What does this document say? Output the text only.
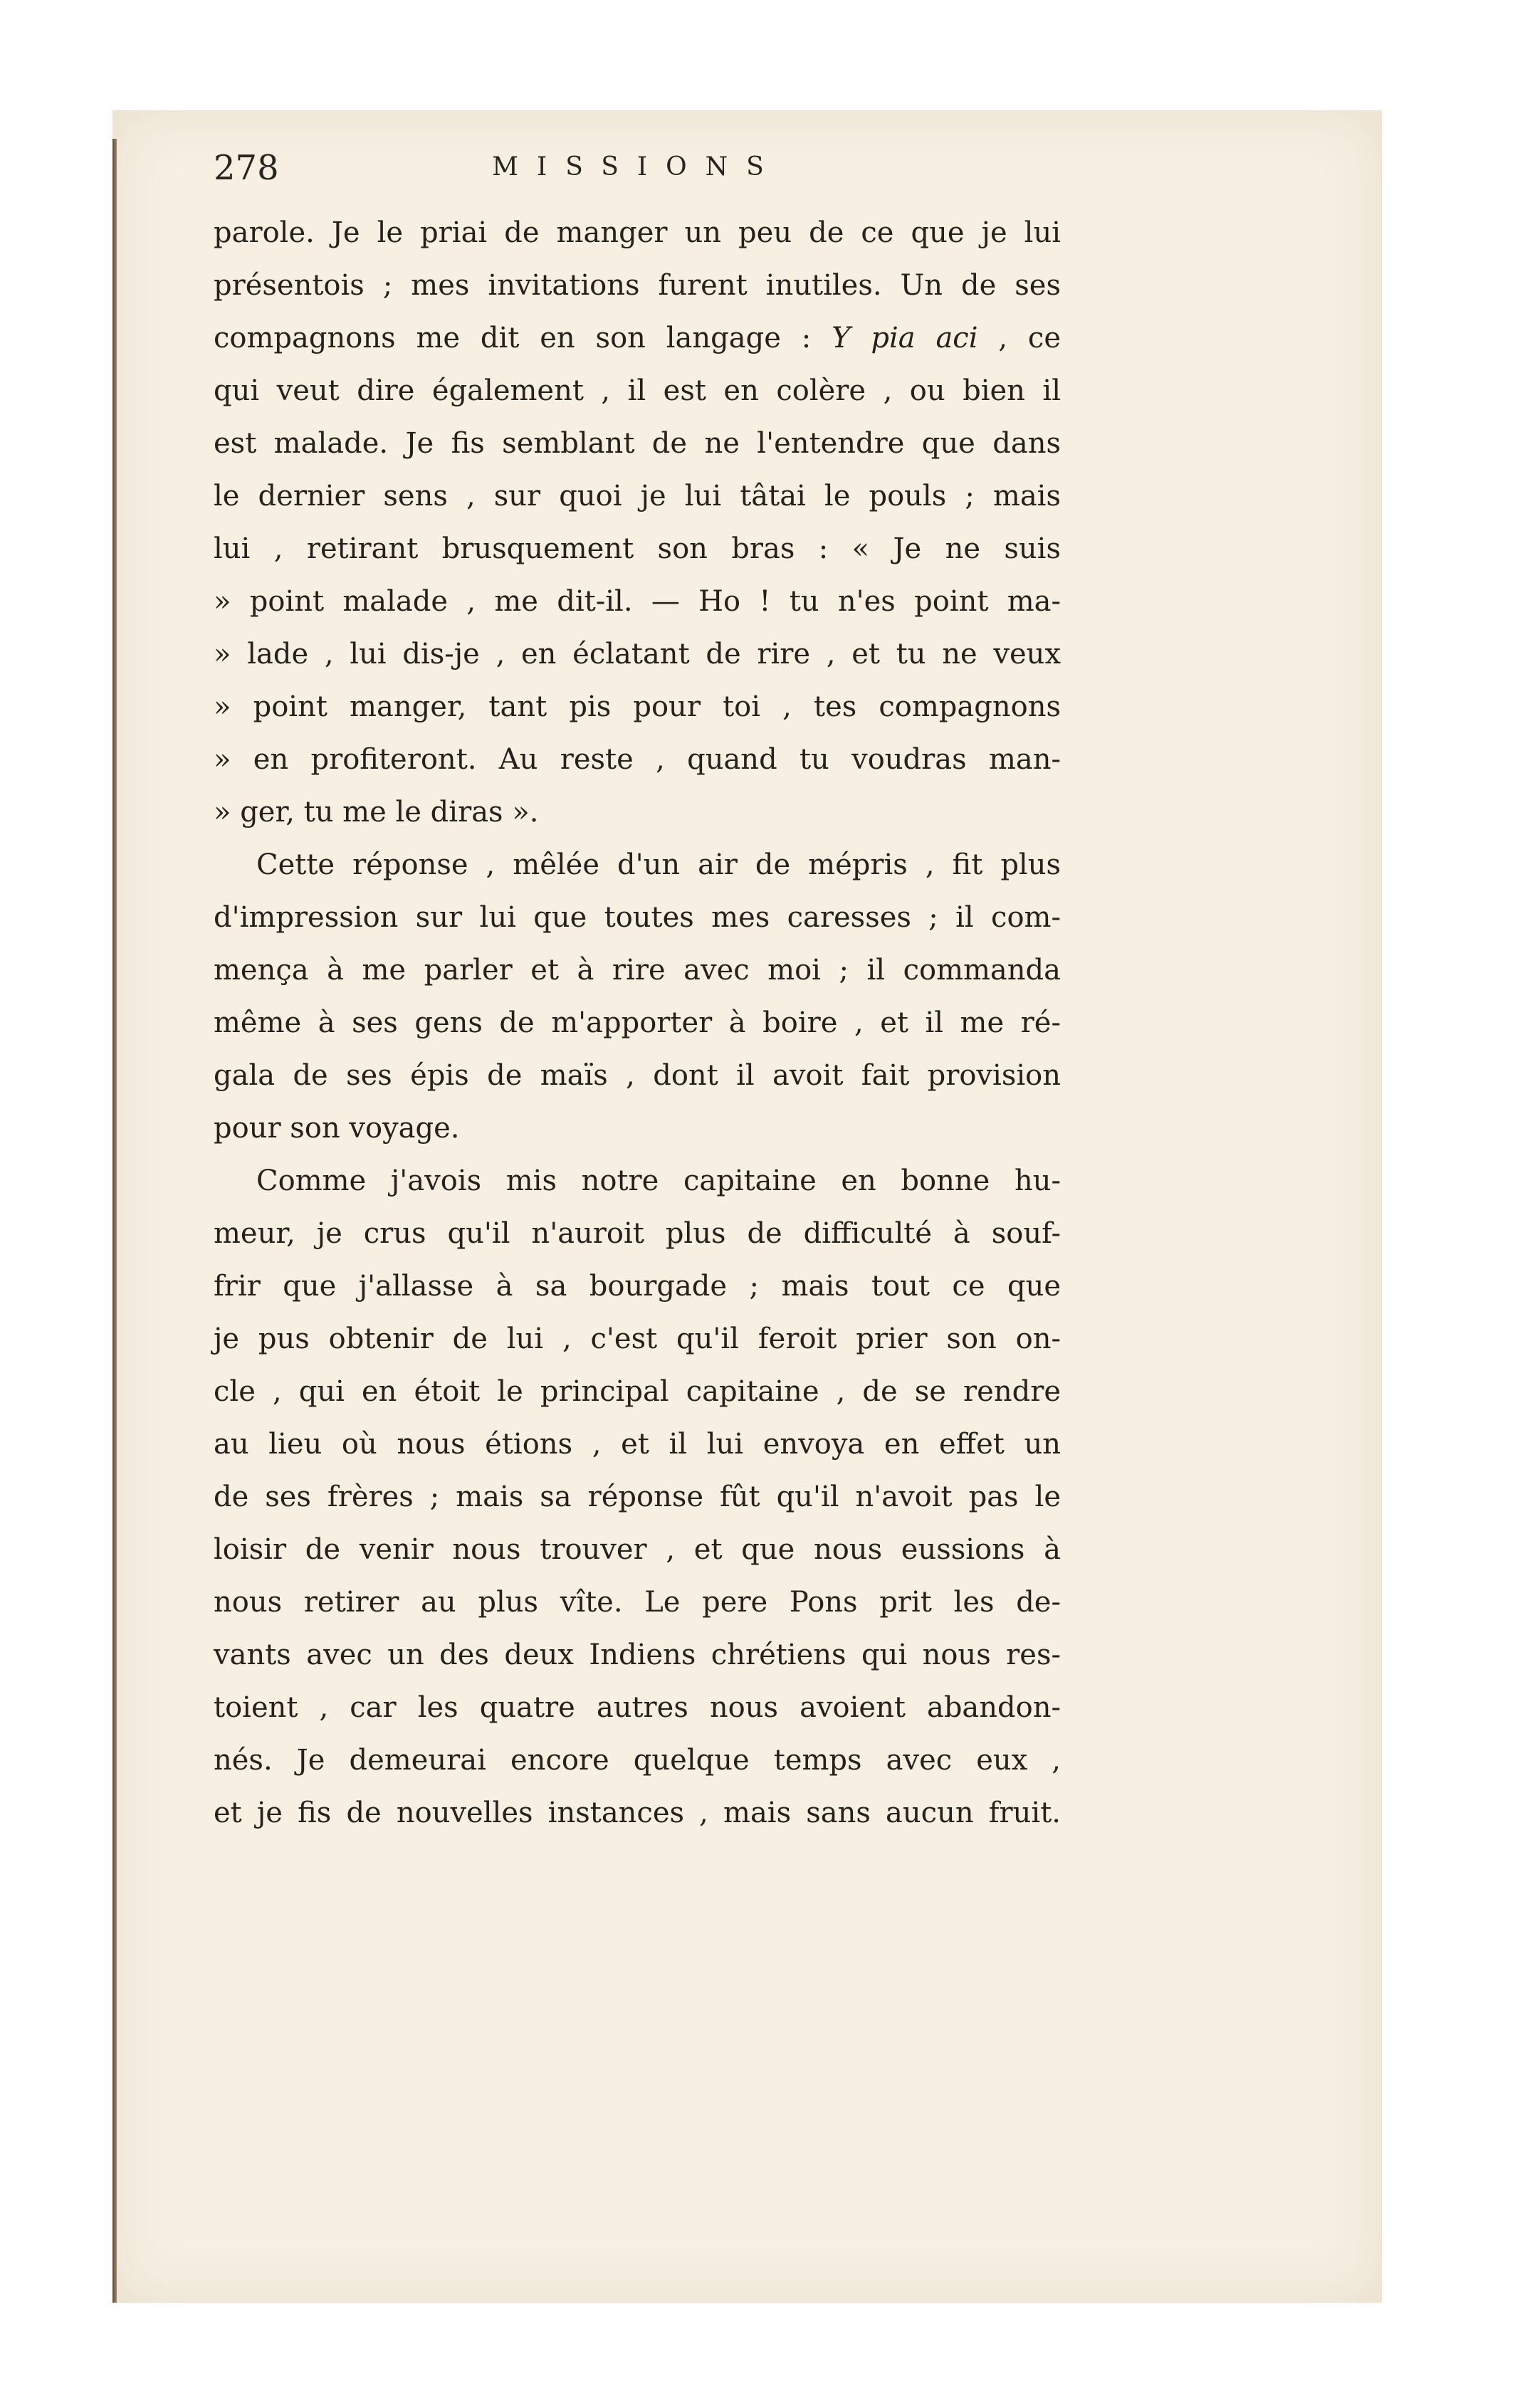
278	MISSIONS
parole. Je le priai de manger un peu de ce que je lui
présentois ; mes invitations furent inutiles. Un de ses
compagnons me dit en son langage : Y pia aci , ce
qui veut dire également , il est en colère , ou bien il
est malade. Je fis semblant de ne l'entendre que dans
le dernier sens , sur quoi je lui tâtai le pouls ; mais
lui , retirant brusquement son bras : « Je ne suis
» point malade , me dit-il. — Ho ! tu n'es point ma-
» lade , lui dis-je , en éclatant de rire , et tu ne veux
» point manger, tant pis pour toi , tes compagnons
» en profiteront. Au reste , quand tu voudras man-
» ger, tu me le diras ».
Cette réponse , mêlée d'un air de mépris , fit plus
d'impression sur lui que toutes mes caresses ; il com-
mença à me parler et à rire avec moi ; il commanda
même à ses gens de m'apporter à boire , et il me ré-
gala de ses épis de maïs , dont il avoit fait provision
pour son voyage.
Comme j'avois mis notre capitaine en bonne hu-
meur, je crus qu'il n'auroit plus de difficulté à souf-
frir que j'allasse à sa bourgade ; mais tout ce que
je pus obtenir de lui , c'est qu'il feroit prier son on-
cle , qui en étoit le principal capitaine , de se rendre
au lieu où nous étions , et il lui envoya en effet un
de ses frères ; mais sa réponse fût qu'il n'avoit pas le
loisir de venir nous trouver , et que nous eussions à
nous retirer au plus vîte. Le pere Pons prit les de-
vants avec un des deux Indiens chrétiens qui nous res-
toient , car les quatre autres nous avoient abandon-
nés. Je demeurai encore quelque temps avec eux ,
et je fis de nouvelles instances , mais sans aucun fruit.
